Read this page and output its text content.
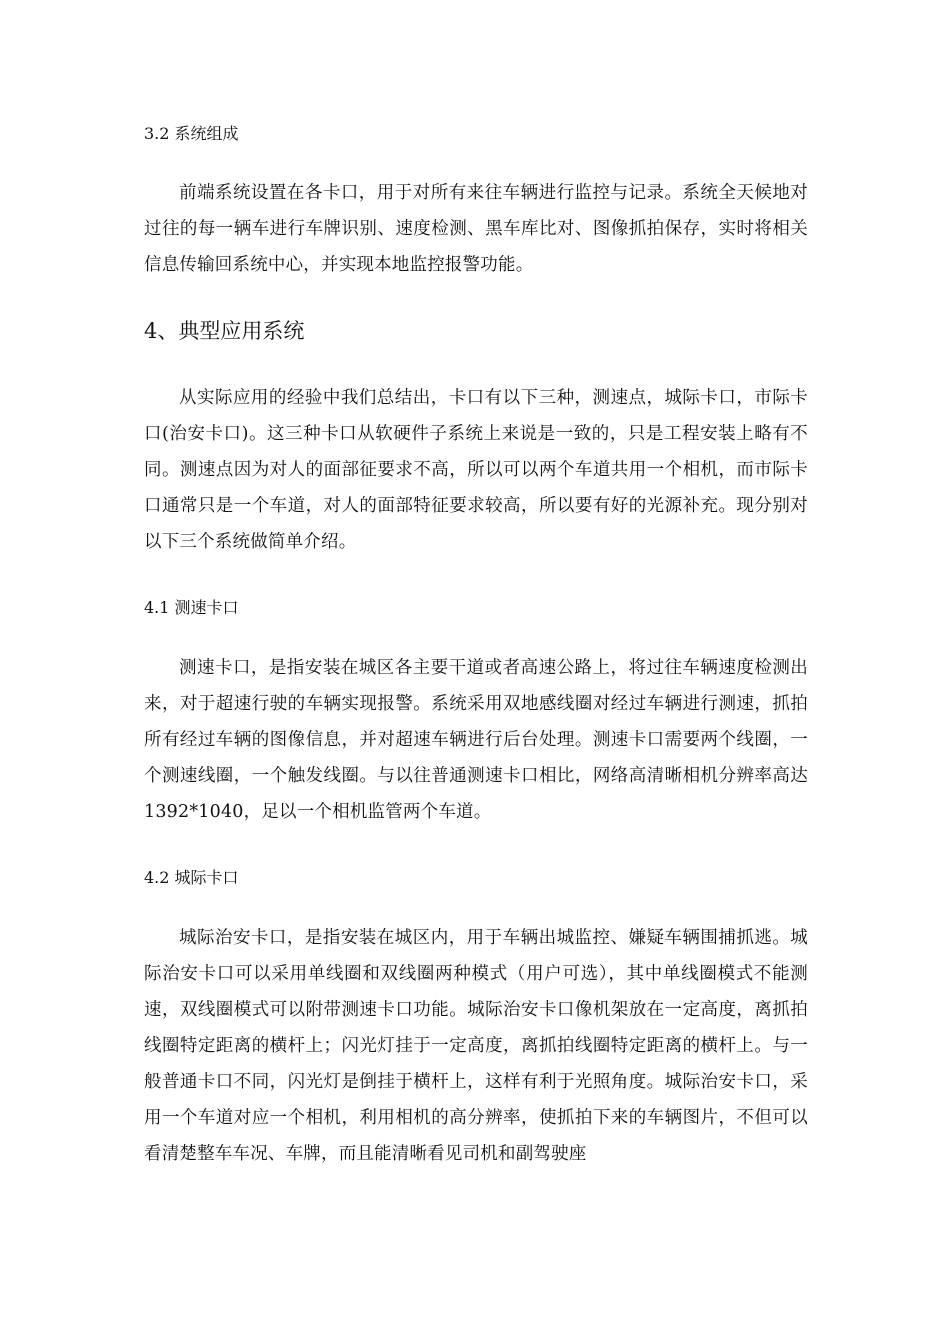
3.2 系统组成

前端系统设置在各卡口，用于对所有来往车辆进行监控与记录。系统全天候地对过往的每一辆车进行车牌识别、速度检测、黑车库比对、图像抓拍保存，实时将相关信息传输回系统中心，并实现本地监控报警功能。

4、典型应用系统

从实际应用的经验中我们总结出，卡口有以下三种，测速点，城际卡口，市际卡口(治安卡口)。这三种卡口从软硬件子系统上来说是一致的，只是工程安装上略有不同。测速点因为对人的面部征要求不高，所以可以两个车道共用一个相机，而市际卡口通常只是一个车道，对人的面部特征要求较高，所以要有好的光源补充。现分别对以下三个系统做简单介绍。

4.1 测速卡口

测速卡口，是指安装在城区各主要干道或者高速公路上，将过往车辆速度检测出来，对于超速行驶的车辆实现报警。系统采用双地感线圈对经过车辆进行测速，抓拍所有经过车辆的图像信息，并对超速车辆进行后台处理。测速卡口需要两个线圈，一个测速线圈，一个触发线圈。与以往普通测速卡口相比，网络高清晰相机分辨率高达 1392*1040，足以一个相机监管两个车道。

4.2 城际卡口

城际治安卡口，是指安装在城区内，用于车辆出城监控、嫌疑车辆围捕抓逃。城际治安卡口可以采用单线圈和双线圈两种模式（用户可选），其中单线圈模式不能测速，双线圈模式可以附带测速卡口功能。城际治安卡口像机架放在一定高度，离抓拍线圈特定距离的横杆上；闪光灯挂于一定高度，离抓拍线圈特定距离的横杆上。与一般普通卡口不同，闪光灯是倒挂于横杆上，这样有利于光照角度。城际治安卡口，采用一个车道对应一个相机，利用相机的高分辨率，使抓拍下来的车辆图片，不但可以看清楚整车车况、车牌，而且能清晰看见司机和副驾驶座
